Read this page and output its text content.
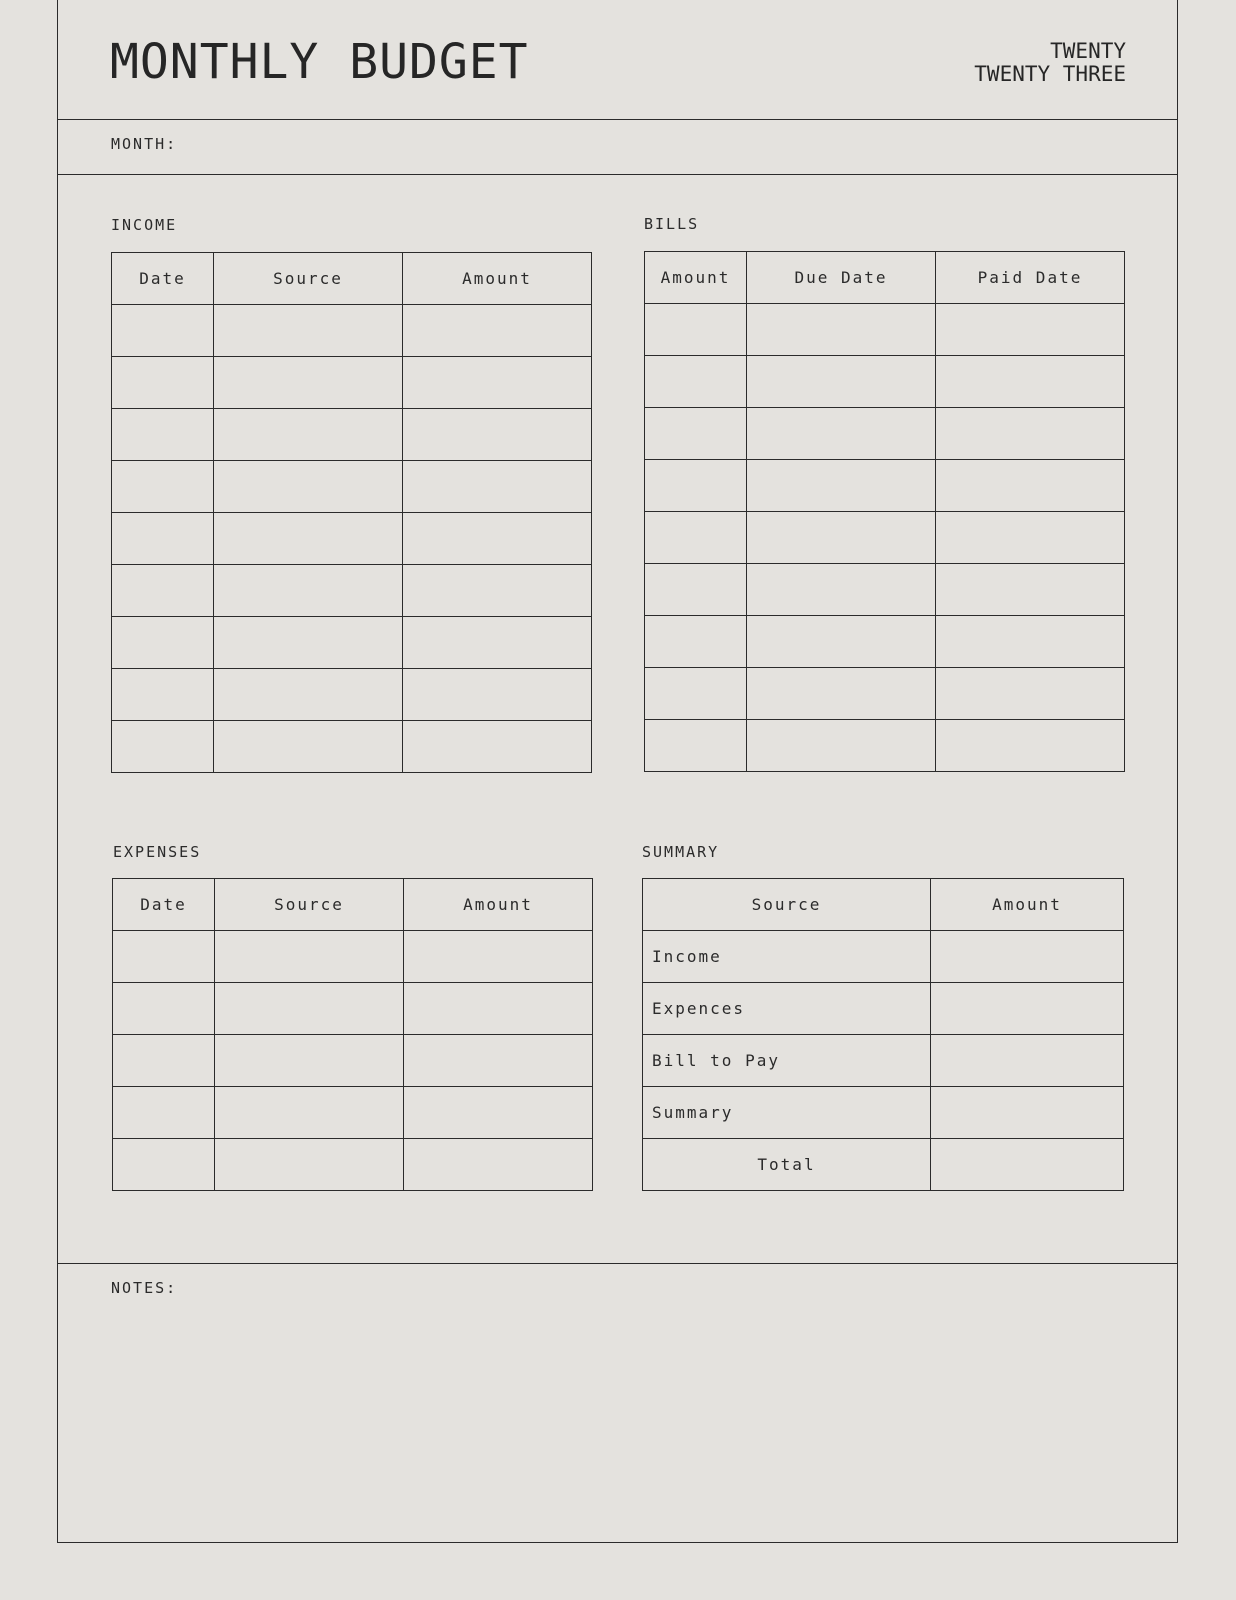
MONTHLY BUDGET	TWENTY
TWENTY THREE
MONTH:
INCOME
Date	Source	Amount

BILLS
Amount	Due Date	Paid Date

EXPENSES
Date	Source	Amount

SUMMARY
Source	Amount
Income	
Expences	
Bill to Pay	
Summary	
Total	
NOTES:
